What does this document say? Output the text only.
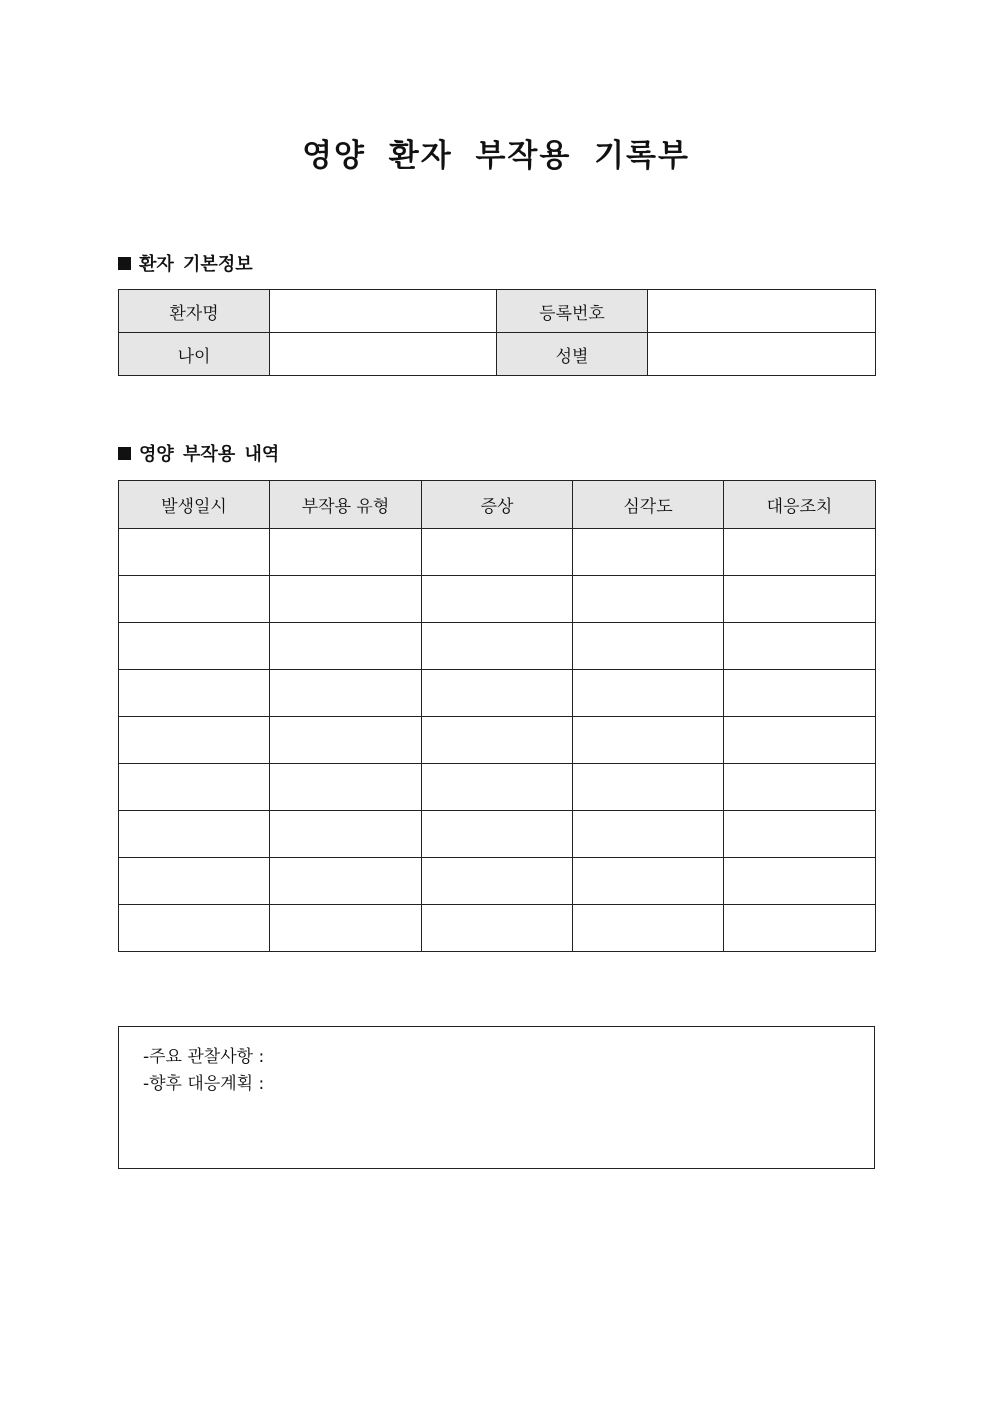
영양 환자 부작용 기록부
환자 기본정보
환자명		등록번호	
나이		성별	
영양 부작용 내역
발생일시	부작용 유형	증상	심각도	대응조치

-주요 관찰사항 :
-향후 대응계획 :
